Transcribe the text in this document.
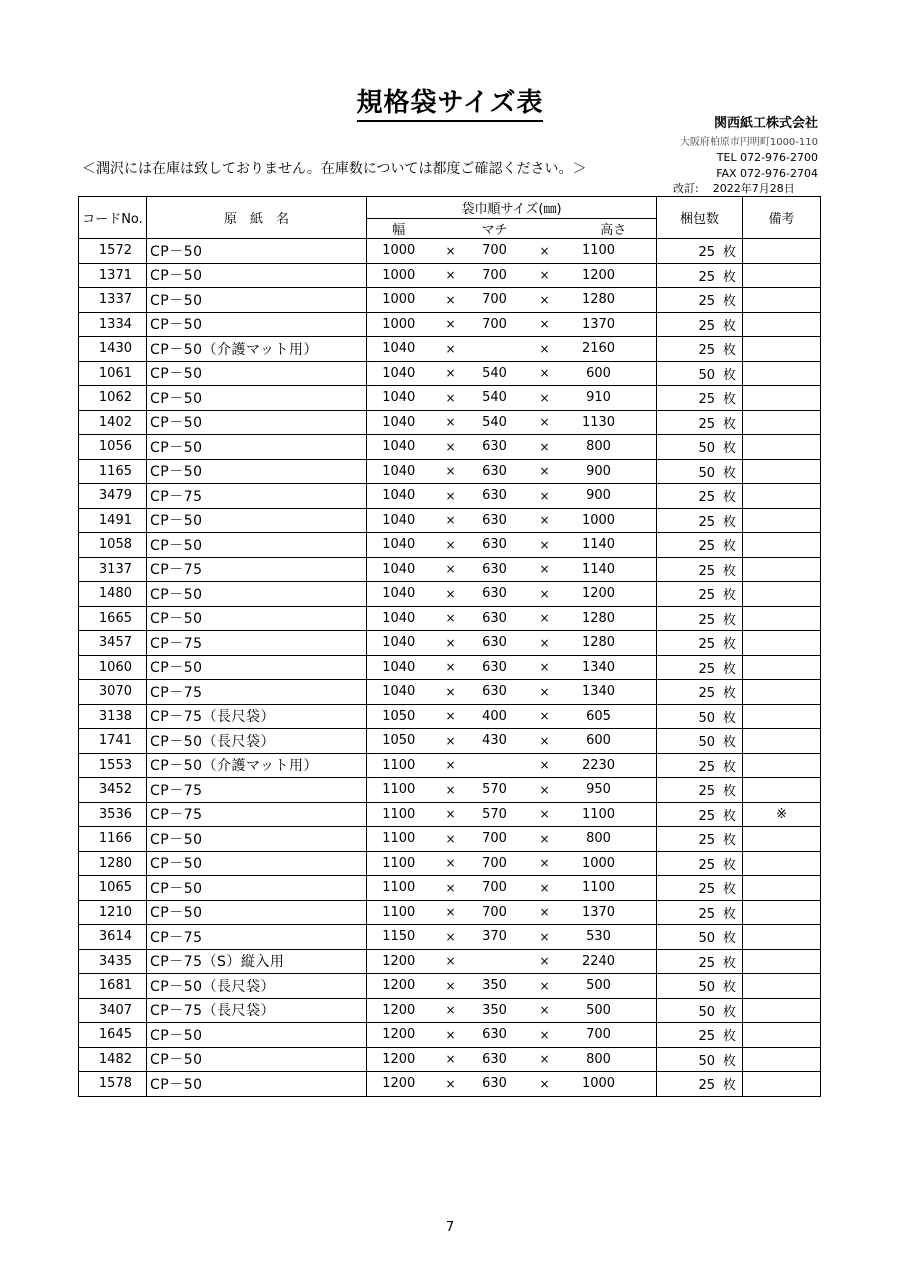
規格袋サイズ表
関西紙工株式会社
大阪府柏原市円明町1000-110
TEL 072-976-2700
FAX 072-976-2704
＜潤沢には在庫は致しておりません。在庫数については都度ご確認ください。＞
改訂: 2022年7月28日
コードNo.	原　紙　名	袋巾順サイズ(㎜)						梱包数	備考
		幅		マチ		高さ			
1572	CP－50	1000	×	700	×	1100		25 枚	
1371	CP－50	1000	×	700	×	1200		25 枚	
1337	CP－50	1000	×	700	×	1280		25 枚	
1334	CP－50	1000	×	700	×	1370		25 枚	
1430	CP－50（介護マット用）	1040	×		×	2160		25 枚	
1061	CP－50	1040	×	540	×	600		50 枚	
1062	CP－50	1040	×	540	×	910		25 枚	
1402	CP－50	1040	×	540	×	1130		25 枚	
1056	CP－50	1040	×	630	×	800		50 枚	
1165	CP－50	1040	×	630	×	900		50 枚	
3479	CP－75	1040	×	630	×	900		25 枚	
1491	CP－50	1040	×	630	×	1000		25 枚	
1058	CP－50	1040	×	630	×	1140		25 枚	
3137	CP－75	1040	×	630	×	1140		25 枚	
1480	CP－50	1040	×	630	×	1200		25 枚	
1665	CP－50	1040	×	630	×	1280		25 枚	
3457	CP－75	1040	×	630	×	1280		25 枚	
1060	CP－50	1040	×	630	×	1340		25 枚	
3070	CP－75	1040	×	630	×	1340		25 枚	
3138	CP－75（長尺袋）	1050	×	400	×	605		50 枚	
1741	CP－50（長尺袋）	1050	×	430	×	600		50 枚	
1553	CP－50（介護マット用）	1100	×		×	2230		25 枚	
3452	CP－75	1100	×	570	×	950		25 枚	
3536	CP－75	1100	×	570	×	1100		25 枚	※
1166	CP－50	1100	×	700	×	800		25 枚	
1280	CP－50	1100	×	700	×	1000		25 枚	
1065	CP－50	1100	×	700	×	1100		25 枚	
1210	CP－50	1100	×	700	×	1370		25 枚	
3614	CP－75	1150	×	370	×	530		50 枚	
3435	CP－75（S）縦入用	1200	×		×	2240		25 枚	
1681	CP－50（長尺袋）	1200	×	350	×	500		50 枚	
3407	CP－75（長尺袋）	1200	×	350	×	500		50 枚	
1645	CP－50	1200	×	630	×	700		25 枚	
1482	CP－50	1200	×	630	×	800		50 枚	
1578	CP－50	1200	×	630	×	1000		25 枚	
7
